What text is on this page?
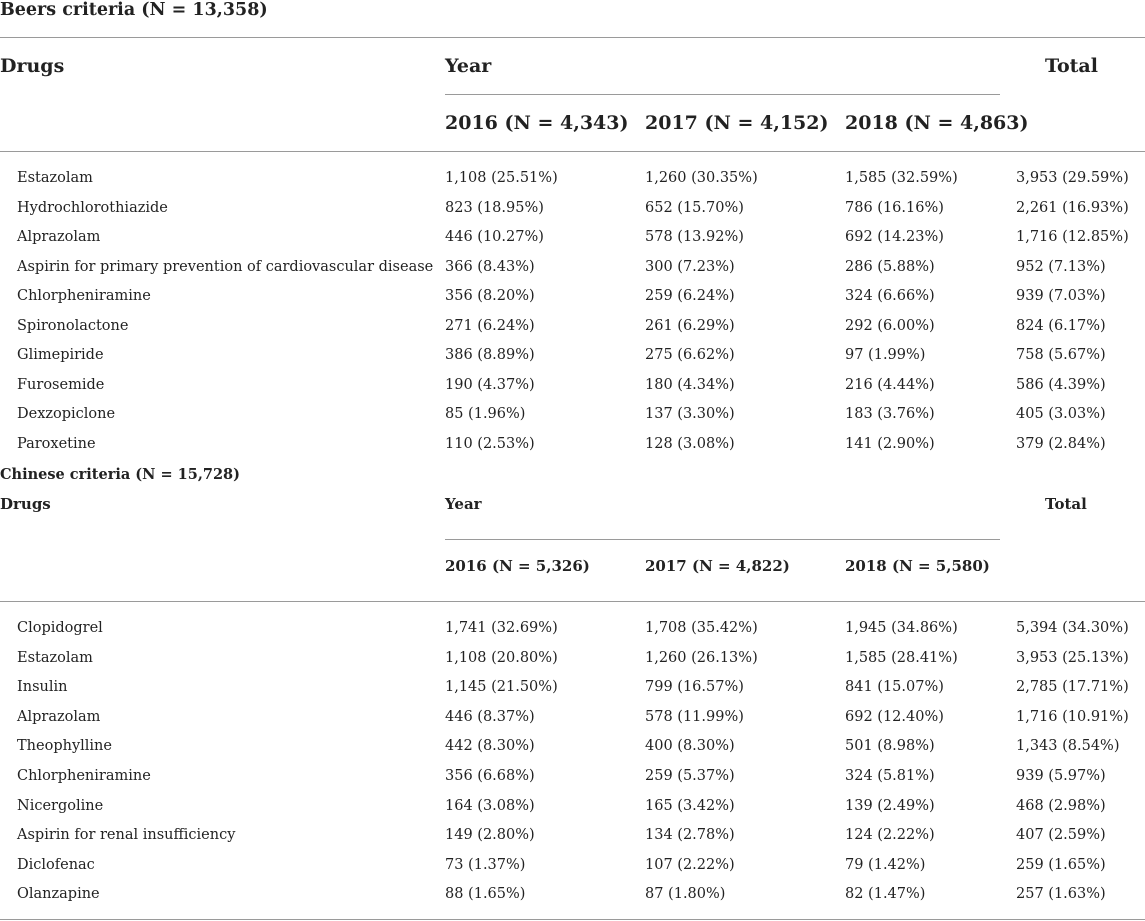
Beers criteria (N = 13,358)
Drugs	Year	Total
2016 (N = 4,343) 2017 (N = 4,152) 2018 (N = 4,863)
Estazolam	1,108 (25.51%)	1,260 (30.35%)	1,585 (32.59%)	3,953 (29.59%)
Hydrochlorothiazide	823 (18.95%)	652 (15.70%)	786 (16.16%)	2,261 (16.93%)
Alprazolam	446 (10.27%)	578 (13.92%)	692 (14.23%)	1,716 (12.85%)
Aspirin for primary prevention of cardiovascular disease 366 (8.43%)	300 (7.23%)	286 (5.88%)	952 (7.13%)
Chlorpheniramine	356 (8.20%)	259 (6.24%)	324 (6.66%)	939 (7.03%)
Spironolactone	271 (6.24%)	261 (6.29%)	292 (6.00%)	824 (6.17%)
Glimepiride	386 (8.89%)	275 (6.62%)	97 (1.99%)	758 (5.67%)
Furosemide	190 (4.37%)	180 (4.34%)	216 (4.44%)	586 (4.39%)
Dexzopiclone	85 (1.96%)	137 (3.30%)	183 (3.76%)	405 (3.03%)
Paroxetine	110 (2.53%)	128 (3.08%)	141 (2.90%)	379 (2.84%)
Chinese criteria (N = 15,728)
Drugs	Year	Total
2016 (N = 5,326)	2017 (N = 4,822)	2018 (N = 5,580)
Clopidogrel	1,741 (32.69%)	1,708 (35.42%)	1,945 (34.86%)	5,394 (34.30%)
Estazolam	1,108 (20.80%)	1,260 (26.13%)	1,585 (28.41%)	3,953 (25.13%)
Insulin	1,145 (21.50%)	799 (16.57%)	841 (15.07%)	2,785 (17.71%)
Alprazolam	446 (8.37%)	578 (11.99%)	692 (12.40%)	1,716 (10.91%)
Theophylline	442 (8.30%)	400 (8.30%)	501 (8.98%)	1,343 (8.54%)
Chlorpheniramine	356 (6.68%)	259 (5.37%)	324 (5.81%)	939 (5.97%)
Nicergoline	164 (3.08%)	165 (3.42%)	139 (2.49%)	468 (2.98%)
Aspirin for renal insufficiency	149 (2.80%)	134 (2.78%)	124 (2.22%)	407 (2.59%)
Diclofenac	73 (1.37%)	107 (2.22%)	79 (1.42%)	259 (1.65%)
Olanzapine	88 (1.65%)	87 (1.80%)	82 (1.47%)	257 (1.63%)
